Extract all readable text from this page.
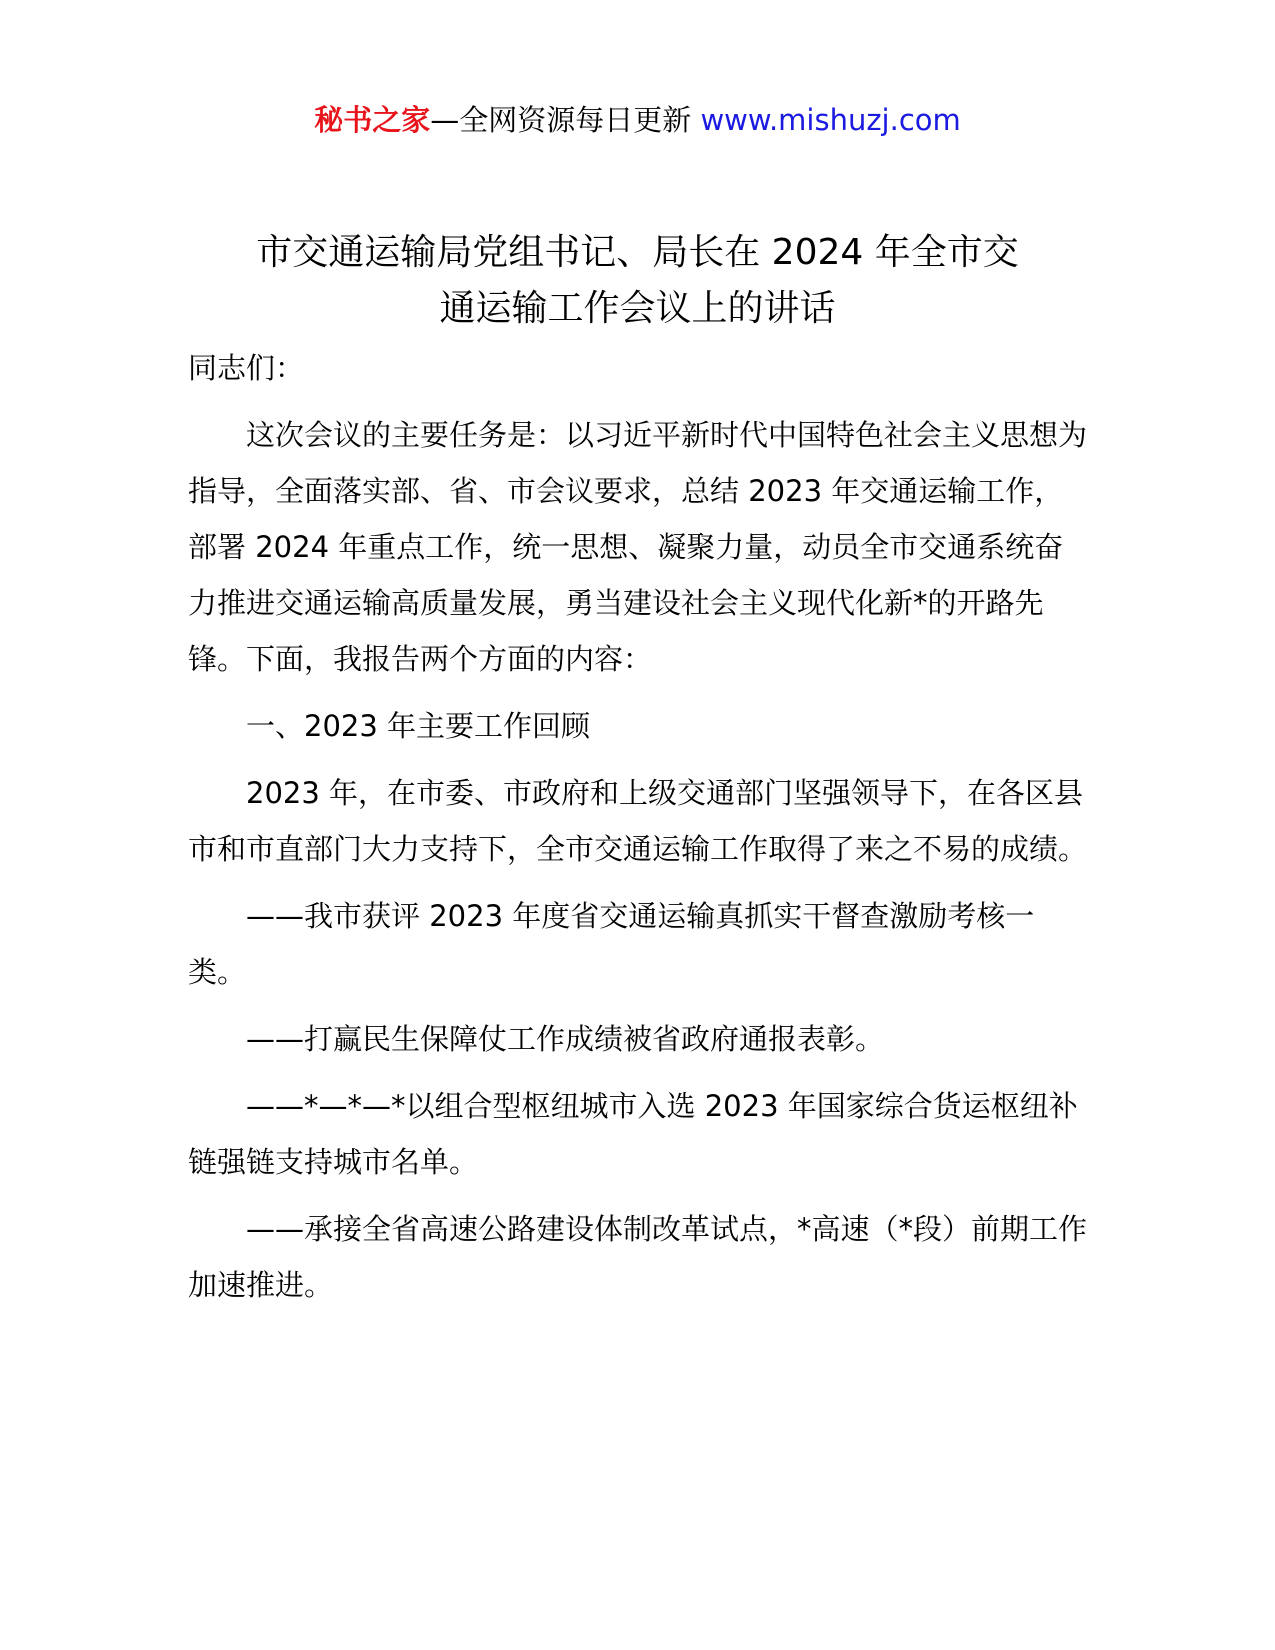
秘书之家—全网资源每日更新 www.mishuzj.com
市交通运输局党组书记、局长在 2024 年全市交
通运输工作会议上的讲话

同志们：

这次会议的主要任务是：以习近平新时代中国特色社会主义思想为指导，全面落实部、省、市会议要求，总结 2023 年交通运输工作，部署 2024 年重点工作，统一思想、凝聚力量，动员全市交通系统奋力推进交通运输高质量发展，勇当建设社会主义现代化新*的开路先锋。下面，我报告两个方面的内容：

一、2023 年主要工作回顾

2023 年，在市委、市政府和上级交通部门坚强领导下，在各区县市和市直部门大力支持下，全市交通运输工作取得了来之不易的成绩。

——我市获评 2023 年度省交通运输真抓实干督查激励考核一类。

——打赢民生保障仗工作成绩被省政府通报表彰。

——*—*—*以组合型枢纽城市入选 2023 年国家综合货运枢纽补链强链支持城市名单。

——承接全省高速公路建设体制改革试点，*高速（*段）前期工作加速推进。
